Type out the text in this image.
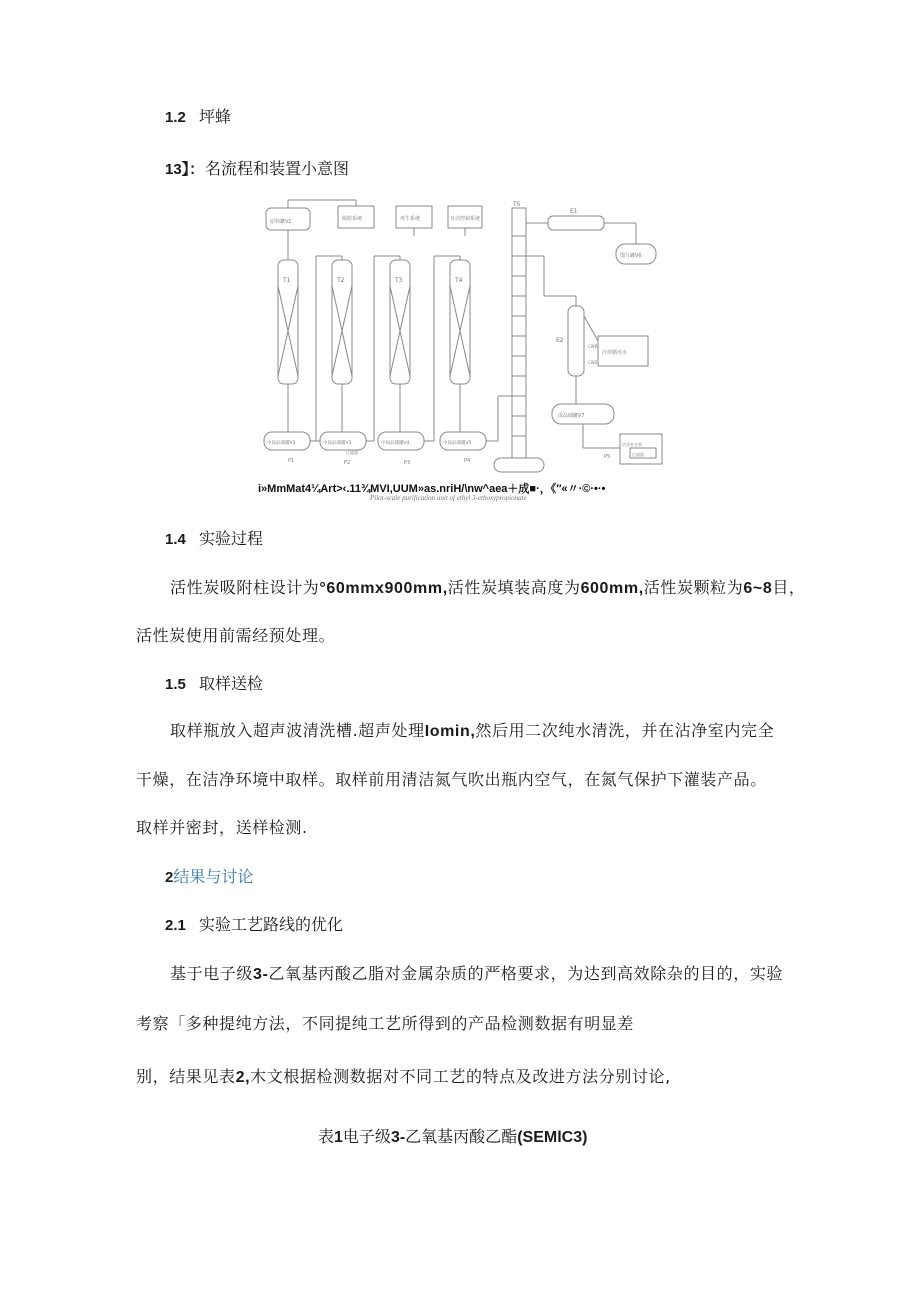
1.2 坪蜂
13】：名流程和装置小意图
原料罐V1	脱附系统	再生系统	自动控制系统
T1	T2	T3	T4
T5
E1
馏分罐V6
E2
冷却循环水
CWR
CWS
成品储罐V7
洁净室分装
过滤器
中间品储罐V2	中间品储罐V3	中间品储罐V4	中间品储罐V5
P1	P2	P3	P4
P5
过滤器
i»MmMat4¼Art>‹.11¾MVI,UUM»as.nriH/\nw^aea＋成■·，《″«〃·©·•·•
Pilot-scale purification unit of ethyl 3-ethoxypropionate
1.4 实验过程
活性炭吸附柱设计为°60mmx900mm,活性炭填装高度为600mm,活性炭颗粒为6~8目，
活性炭使用前需经预处理。
1.5 取样送检
取样瓶放入超声波清洗槽.超声处理Iomin,然后用二次纯水清洗，并在沾净室内完全
干燥，在洁净环境中取样。取样前用清洁氮气吹出瓶内空气，在氮气保护下灌装产品。
取样并密封，送样检测.
2结果与讨论
2.1 实验工艺路线的优化
基于电子级3-乙氧基丙酸乙脂对金属杂质的严格要求，为达到高效除杂的目的，实验
考察「多种提纯方法，不同提纯工艺所得到的产品检测数据有明显差
别，结果见表2,木文根据检测数据对不同工艺的特点及改进方法分别讨论,
表1电子级3-乙氧基丙酸乙酯(SEMlC3)
